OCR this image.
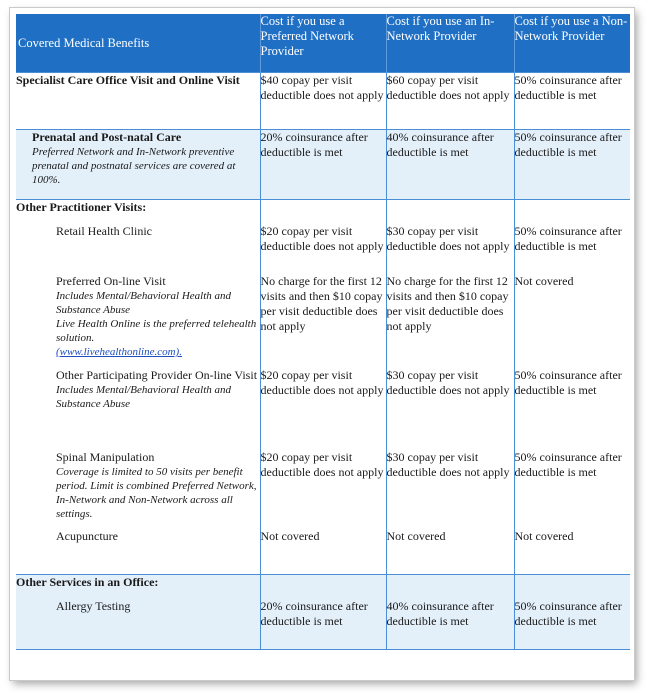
Covered Medical Benefits	Cost if you use a Preferred Network Provider	Cost if you use an In-Network Provider	Cost if you use a Non-Network Provider
Specialist Care Office Visit and Online Visit	$40 copay per visit deductible does not apply	$60 copay per visit deductible does not apply	50% coinsurance after deductible is met
Prenatal and Post-natal Care
Preferred Network and In-Network preventive prenatal and postnatal services are covered at 100%.	20% coinsurance after deductible is met	40% coinsurance after deductible is met	50% coinsurance after deductible is met
Other Practitioner Visits:			
Retail Health Clinic	$20 copay per visit deductible does not apply	$30 copay per visit deductible does not apply	50% coinsurance after deductible is met
Preferred On-line Visit
Includes Mental/Behavioral Health and Substance Abuse
Live Health Online is the preferred telehealth solution.
(www.livehealthonline.com).	No charge for the first 12 visits and then $10 copay per visit deductible does not apply	No charge for the first 12 visits and then $10 copay per visit deductible does not apply	Not covered
Other Participating Provider On-line Visit
Includes Mental/Behavioral Health and Substance Abuse	$20 copay per visit deductible does not apply	$30 copay per visit deductible does not apply	50% coinsurance after deductible is met
Spinal Manipulation
Coverage is limited to 50 visits per benefit period. Limit is combined Preferred Network, In-Network and Non-Network across all settings.	$20 copay per visit deductible does not apply	$30 copay per visit deductible does not apply	50% coinsurance after deductible is met
Acupuncture	Not covered	Not covered	Not covered
Other Services in an Office:			
Allergy Testing	20% coinsurance after deductible is met	40% coinsurance after deductible is met	50% coinsurance after deductible is met
